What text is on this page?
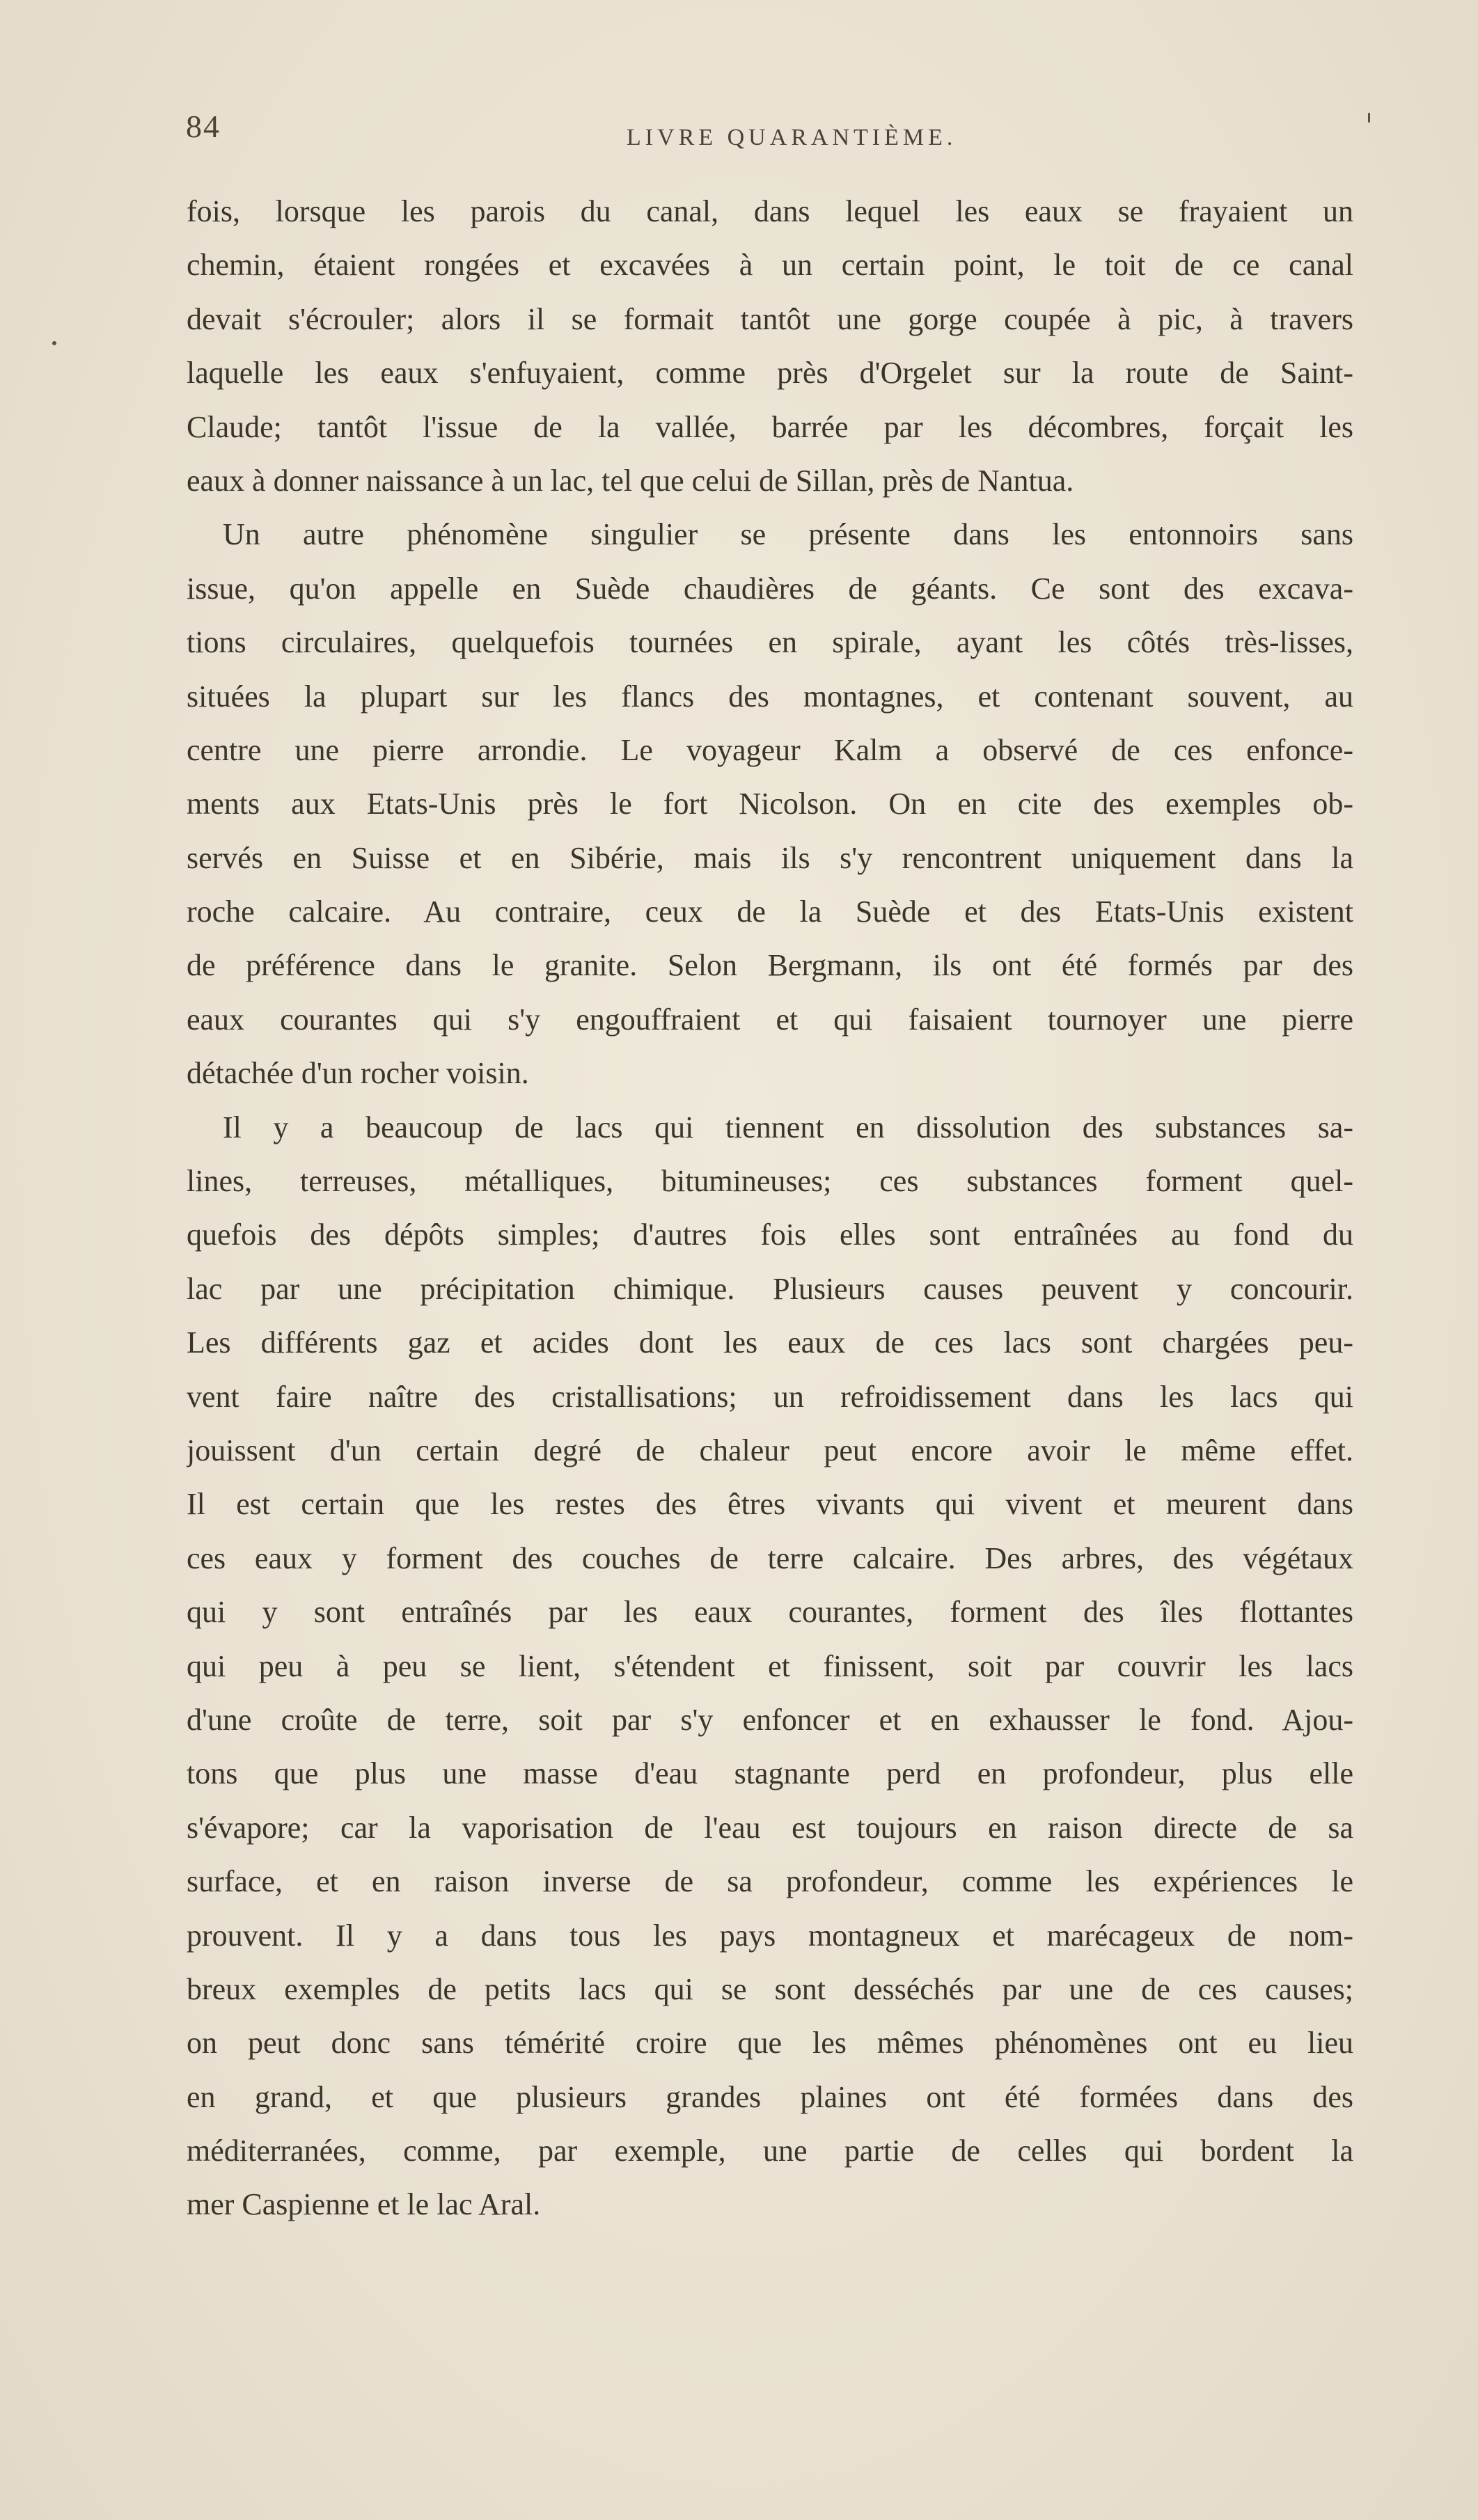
84	LIVRE QUARANTIÈME.
fois, lorsque les parois du canal, dans lequel les eaux se frayaient un
chemin, étaient rongées et excavées à un certain point, le toit de ce canal
devait s'écrouler; alors il se formait tantôt une gorge coupée à pic, à travers
laquelle les eaux s'enfuyaient, comme près d'Orgelet sur la route de Saint-
Claude; tantôt l'issue de la vallée, barrée par les décombres, forçait les
eaux à donner naissance à un lac, tel que celui de Sillan, près de Nantua.
Un autre phénomène singulier se présente dans les entonnoirs sans
issue, qu'on appelle en Suède chaudières de géants. Ce sont des excava-
tions circulaires, quelquefois tournées en spirale, ayant les côtés très-lisses,
situées la plupart sur les flancs des montagnes, et contenant souvent, au
centre une pierre arrondie. Le voyageur Kalm a observé de ces enfonce-
ments aux Etats-Unis près le fort Nicolson. On en cite des exemples ob-
servés en Suisse et en Sibérie, mais ils s'y rencontrent uniquement dans la
roche calcaire. Au contraire, ceux de la Suède et des Etats-Unis existent
de préférence dans le granite. Selon Bergmann, ils ont été formés par des
eaux courantes qui s'y engouffraient et qui faisaient tournoyer une pierre
détachée d'un rocher voisin.
Il y a beaucoup de lacs qui tiennent en dissolution des substances sa-
lines, terreuses, métalliques, bitumineuses; ces substances forment quel-
quefois des dépôts simples; d'autres fois elles sont entraînées au fond du
lac par une précipitation chimique. Plusieurs causes peuvent y concourir.
Les différents gaz et acides dont les eaux de ces lacs sont chargées peu-
vent faire naître des cristallisations; un refroidissement dans les lacs qui
jouissent d'un certain degré de chaleur peut encore avoir le même effet.
Il est certain que les restes des êtres vivants qui vivent et meurent dans
ces eaux y forment des couches de terre calcaire. Des arbres, des végétaux
qui y sont entraînés par les eaux courantes, forment des îles flottantes
qui peu à peu se lient, s'étendent et finissent, soit par couvrir les lacs
d'une croûte de terre, soit par s'y enfoncer et en exhausser le fond. Ajou-
tons que plus une masse d'eau stagnante perd en profondeur, plus elle
s'évapore; car la vaporisation de l'eau est toujours en raison directe de sa
surface, et en raison inverse de sa profondeur, comme les expériences le
prouvent. Il y a dans tous les pays montagneux et marécageux de nom-
breux exemples de petits lacs qui se sont desséchés par une de ces causes;
on peut donc sans témérité croire que les mêmes phénomènes ont eu lieu
en grand, et que plusieurs grandes plaines ont été formées dans des
méditerranées, comme, par exemple, une partie de celles qui bordent la
mer Caspienne et le lac Aral.
